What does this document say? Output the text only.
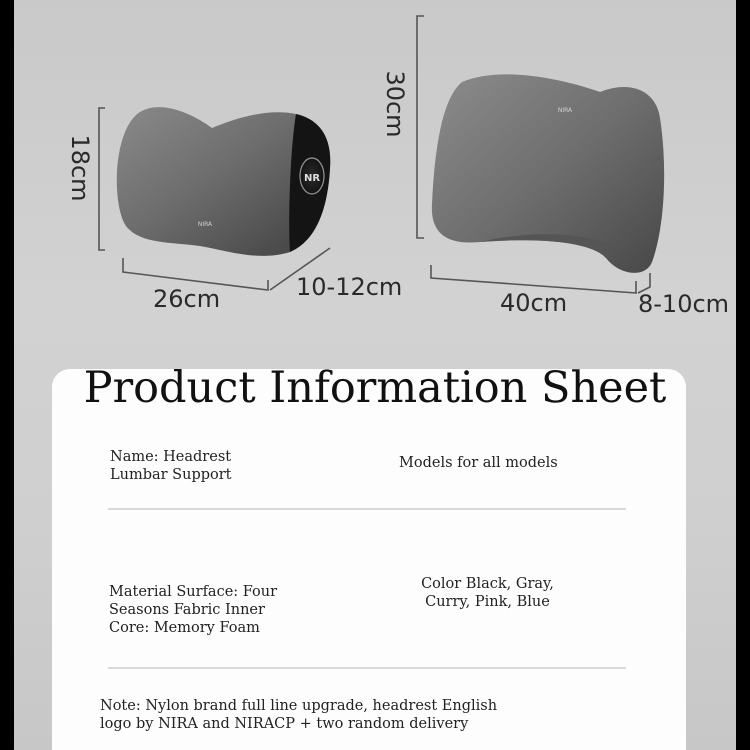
NR
NIRA
NIRA
18cm
26cm	10-12cm
30cm
40cm	8-10cm
Product Information Sheet
Name: Headrest
Lumbar Support
Models for all models
Material Surface: Four
Seasons Fabric Inner
Core: Memory Foam
Color Black, Gray,
Curry, Pink, Blue
Note: Nylon brand full line upgrade, headrest English
logo by NIRA and NIRACP + two random delivery
